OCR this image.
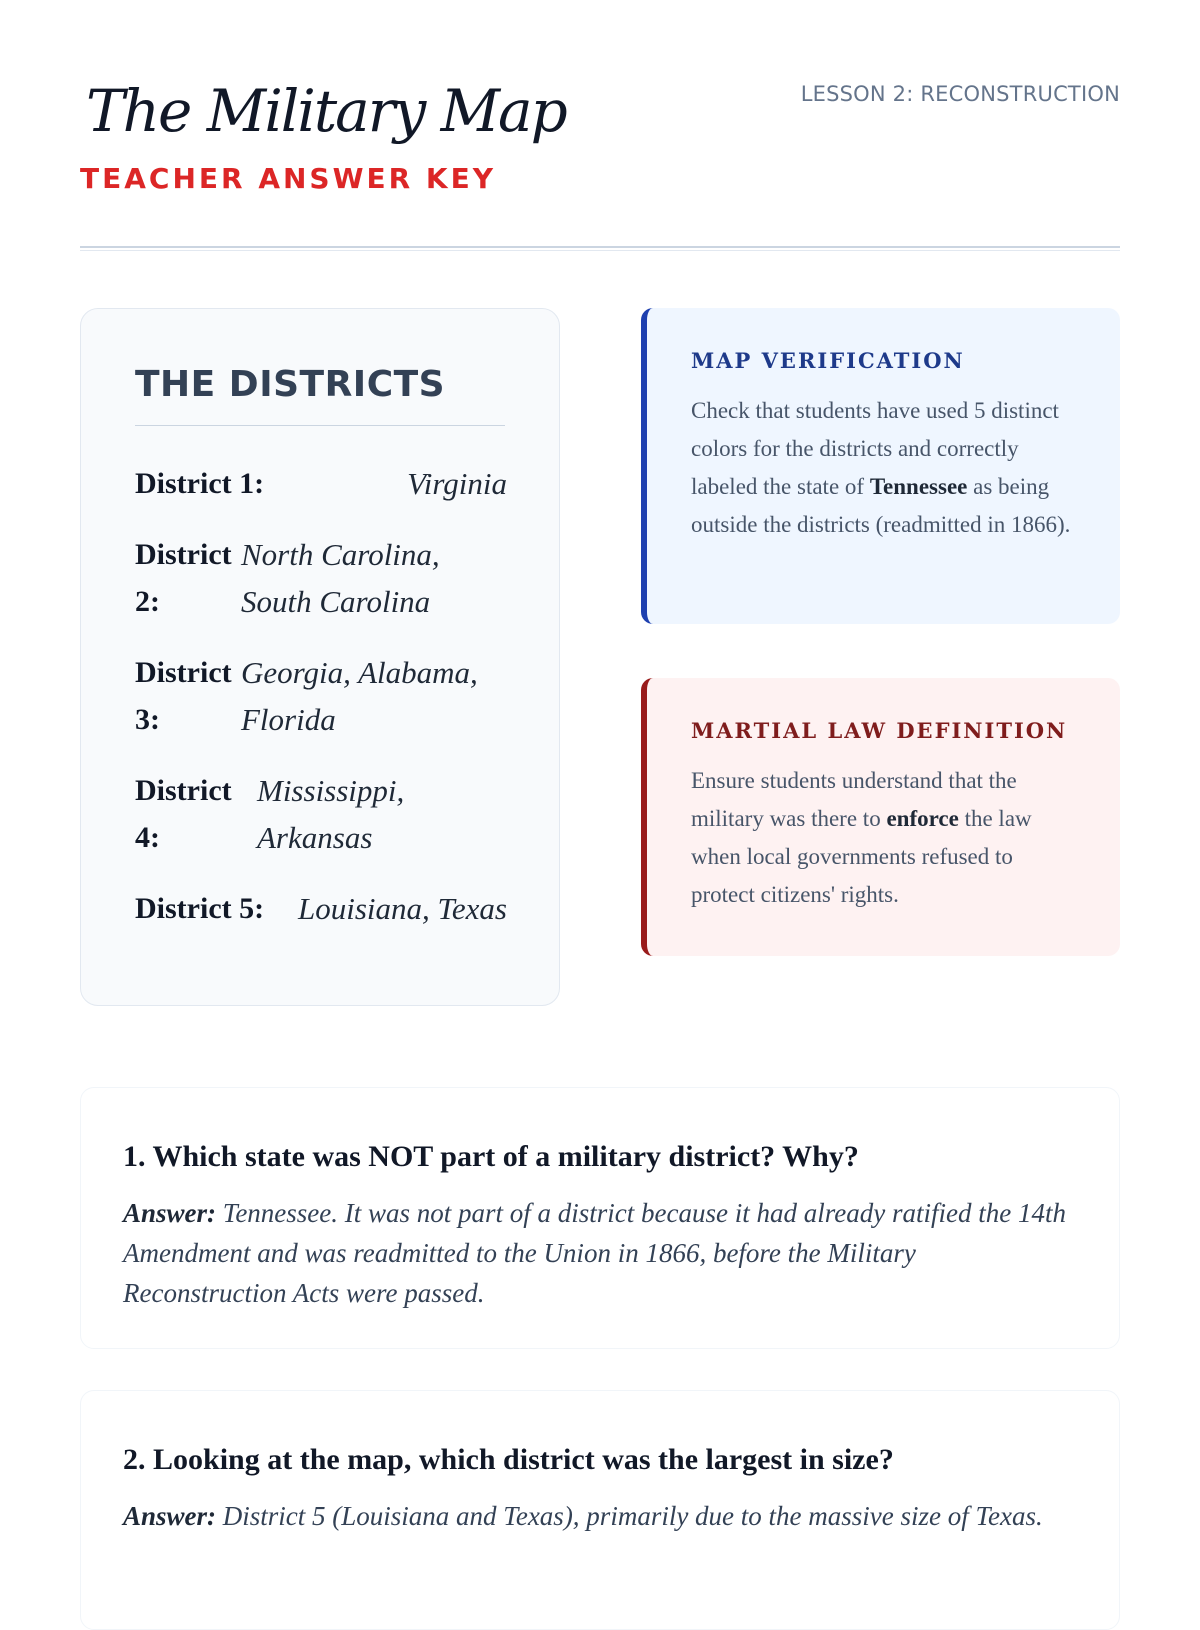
The Military Map
TEACHER ANSWER KEY
LESSON 2: RECONSTRUCTION
THE DISTRICTS
District 1:	Virginia
District 2:
North Carolina, South Carolina
District 3:
Georgia, Alabama, Florida
District 4:
Mississippi, Arkansas
District 5:	Louisiana, Texas
MAP VERIFICATION

Check that students have used 5 distinct colors for the districts and correctly labeled the state of Tennessee as being outside the districts (readmitted in 1866).

MARTIAL LAW DEFINITION

Ensure students understand that the military was there to enforce the law when local governments refused to protect citizens' rights.

1. Which state was NOT part of a military district? Why?

Answer: Tennessee. It was not part of a district because it had already ratified the 14th Amendment and was readmitted to the Union in 1866, before the Military Reconstruction Acts were passed.

2. Looking at the map, which district was the largest in size?

Answer: District 5 (Louisiana and Texas), primarily due to the massive size of Texas.
